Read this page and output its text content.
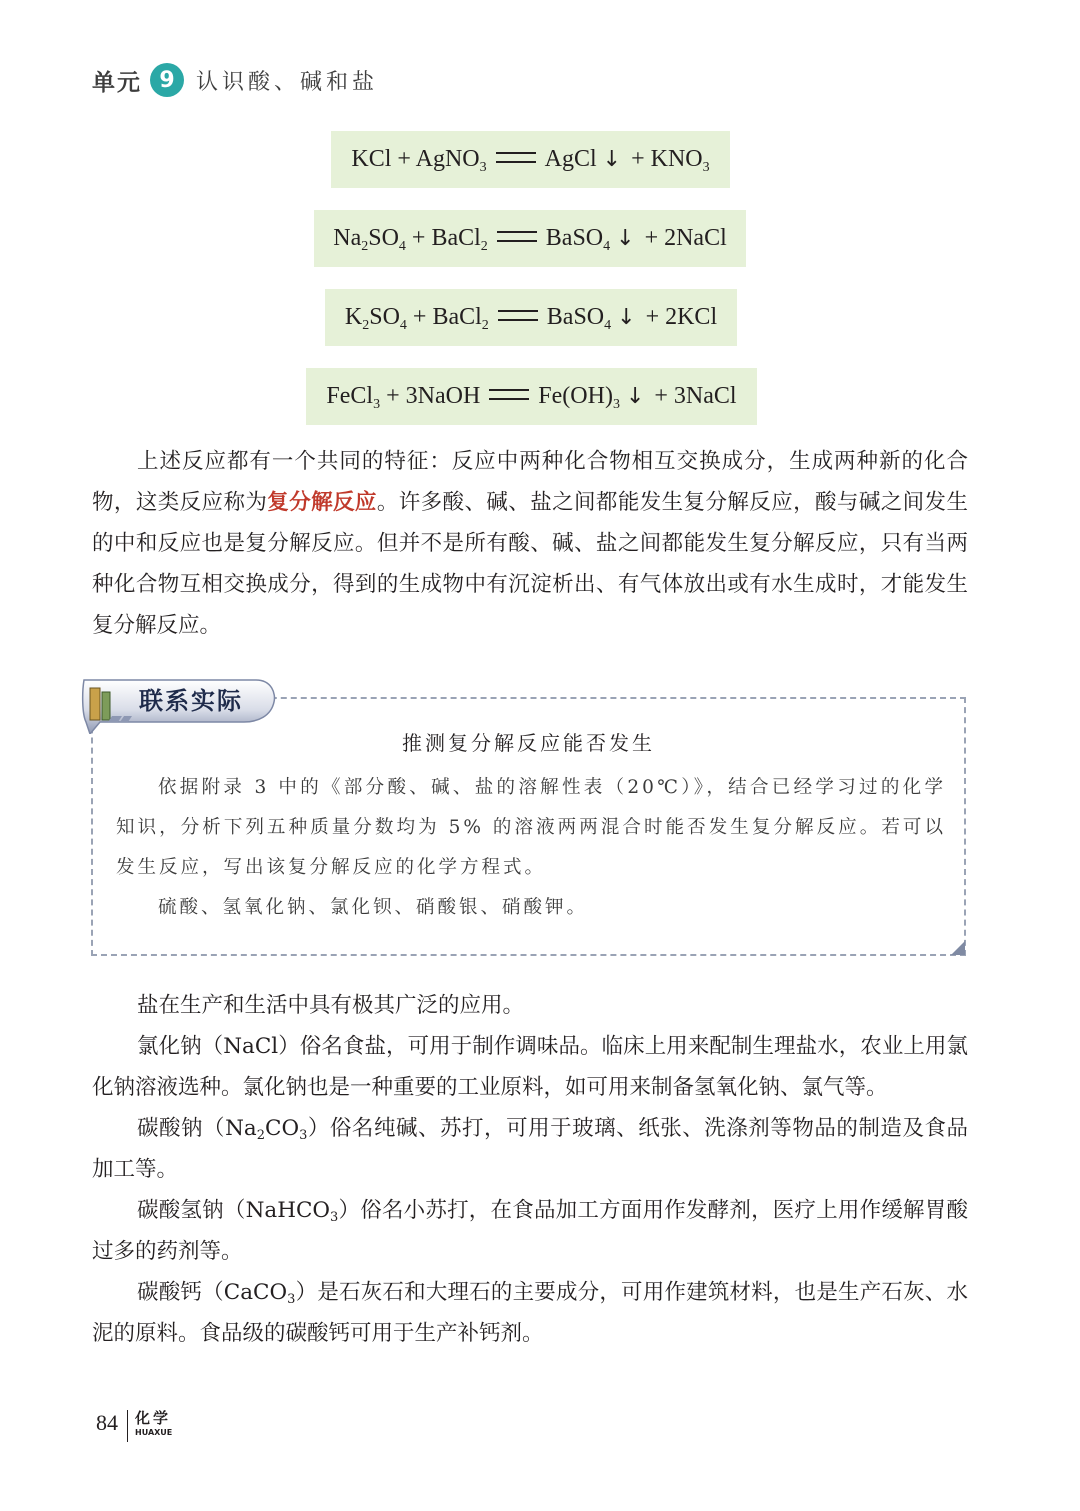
单元 9 认识酸、碱和盐
KCl + AgNO$_3$ AgCl ↓ + $KNO_3$
$Na_2SO_4$ + BaCl$_2$ BaSO$_4$ ↓ + 2NaCl
$K_2SO_4$ + BaCl$_2$ BaSO$_4$ ↓ + 2KCl
FeCl$_3$ + 3NaOH $Fe(OH)_3$ ↓ + 3NaCl

上述反应都有一个共同的特征：反应中两种化合物相互交换成分，生成两种新的化合物，这类反应称为复分解反应。许多酸、碱、盐之间都能发生复分解反应，酸与碱之间发生的中和反应也是复分解反应。但并不是所有酸、碱、盐之间都能发生复分解反应，只有当两种化合物互相交换成分，得到的生成物中有沉淀析出、有气体放出或有水生成时，才能发生复分解反应。

联系实际
推测复分解反应能否发生

依据附录 3 中的《部分酸、碱、盐的溶解性表（20℃）》，结合已经学习过的化学知识，分析下列五种质量分数均为 5% 的溶液两两混合时能否发生复分解反应。若可以发生反应，写出该复分解反应的化学方程式。

硫酸、氢氧化钠、氯化钡、硝酸银、硝酸钾。

盐在生产和生活中具有极其广泛的应用。

氯化钠（NaCl）俗名食盐，可用于制作调味品。临床上用来配制生理盐水，农业上用氯化钠溶液选种。氯化钠也是一种重要的工业原料，如可用来制备氢氧化钠、氯气等。

碳酸钠$(Na_2CO_3)$俗名纯碱、苏打，可用于玻璃、纸张、洗涤剂等物品的制造及食品加工等。

碳酸氢钠（NaHCO$_3$）俗名小苏打，在食品加工方面用作发酵剂，医疗上用作缓解胃酸过多的药剂等。

碳酸钙（CaCO$_3$）是石灰石和大理石的主要成分，可用作建筑材料，也是生产石灰、水泥的原料。食品级的碳酸钙可用于生产补钙剂。

84 化学
HUAXUE
